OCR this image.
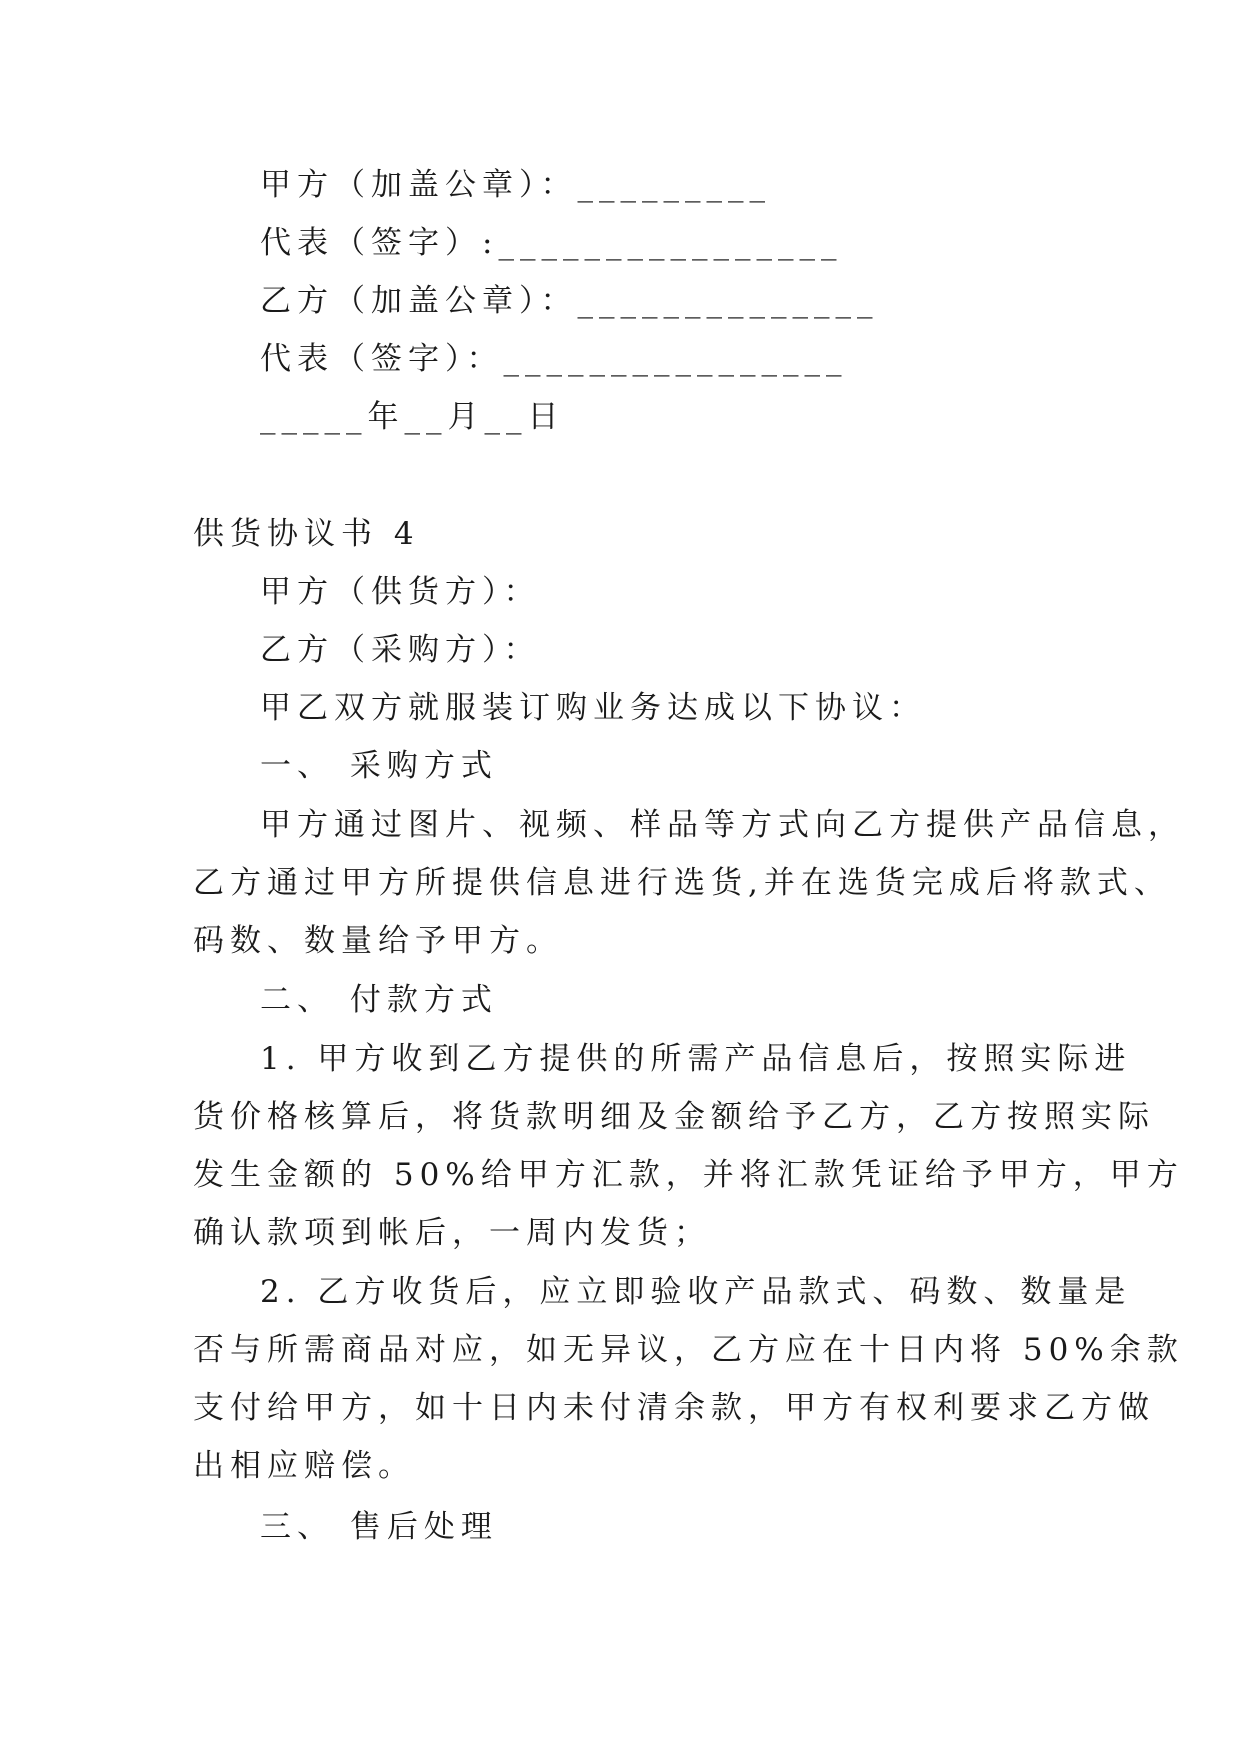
甲方（加盖公章）：_________
代表（签字）:________________
乙方（加盖公章）：______________
代表（签字）：________________
_____年__月__日
供货协议书 4
甲方（供货方）：
乙方（采购方）：
甲乙双方就服装订购业务达成以下协议：
一、 采购方式
甲方通过图片、视频、样品等方式向乙方提供产品信息，
乙方通过甲方所提供信息进行选货,并在选货完成后将款式、
码数、数量给予甲方。
二、 付款方式
1. 甲方收到乙方提供的所需产品信息后，按照实际进
货价格核算后，将货款明细及金额给予乙方，乙方按照实际
发生金额的 50%给甲方汇款，并将汇款凭证给予甲方，甲方
确认款项到帐后，一周内发货；
2. 乙方收货后，应立即验收产品款式、码数、数量是
否与所需商品对应，如无异议，乙方应在十日内将 50%余款
支付给甲方，如十日内未付清余款，甲方有权利要求乙方做
出相应赔偿。
三、 售后处理
